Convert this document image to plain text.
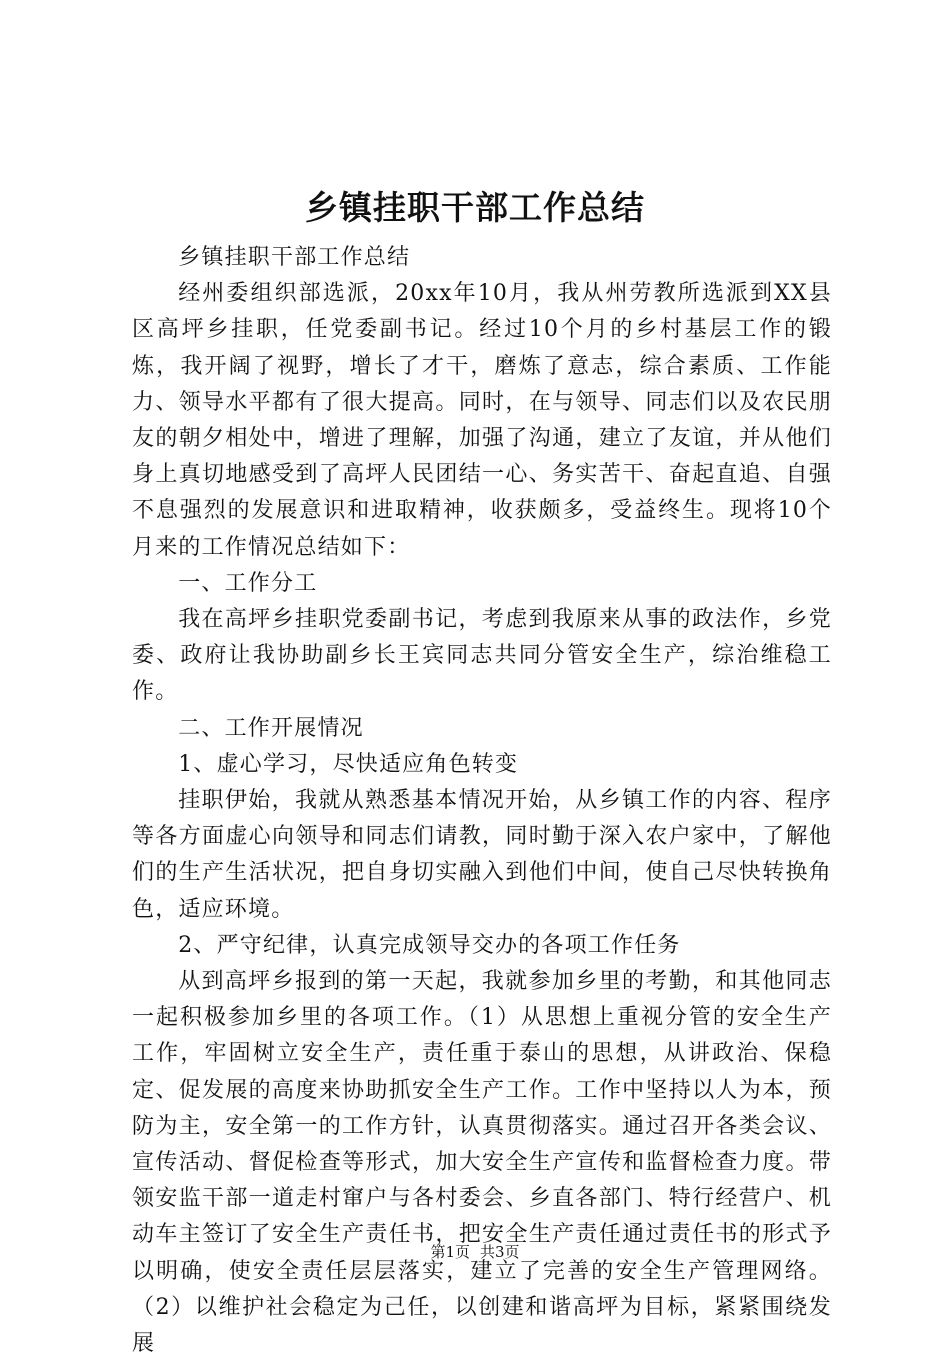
乡镇挂职干部工作总结

乡镇挂职干部工作总结

经州委组织部选派，20xx年10月，我从州劳教所选派到XX县区高坪乡挂职，任党委副书记。经过10个月的乡村基层工作的锻炼，我开阔了视野，增长了才干，磨炼了意志，综合素质、工作能力、领导水平都有了很大提高。同时，在与领导、同志们以及农民朋友的朝夕相处中，增进了理解，加强了沟通，建立了友谊，并从他们身上真切地感受到了高坪人民团结一心、务实苦干、奋起直追、自强不息强烈的发展意识和进取精神，收获颇多，受益终生。现将10个月来的工作情况总结如下：

一、工作分工

我在高坪乡挂职党委副书记，考虑到我原来从事的政法作，乡党委、政府让我协助副乡长王宾同志共同分管安全生产，综治维稳工作。

二、工作开展情况

1、虚心学习，尽快适应角色转变

挂职伊始，我就从熟悉基本情况开始，从乡镇工作的内容、程序等各方面虚心向领导和同志们请教，同时勤于深入农户家中，了解他们的生产生活状况，把自身切实融入到他们中间，使自己尽快转换角色，适应环境。

2、严守纪律，认真完成领导交办的各项工作任务

从到高坪乡报到的第一天起，我就参加乡里的考勤，和其他同志一起积极参加乡里的各项工作。（1）从思想上重视分管的安全生产工作，牢固树立安全生产，责任重于泰山的思想，从讲政治、保稳定、促发展的高度来协助抓安全生产工作。工作中坚持以人为本，预防为主，安全第一的工作方针，认真贯彻落实。通过召开各类会议、宣传活动、督促检查等形式，加大安全生产宣传和监督检查力度。带领安监干部一道走村窜户与各村委会、乡直各部门、特行经营户、机动车主签订了安全生产责任书，把安全生产责任通过责任书的形式予以明确，使安全责任层层落实，建立了完善的安全生产管理网络。（2）以维护社会稳定为己任，以创建和谐高坪为目标，紧紧围绕发展

第1页 共3页
